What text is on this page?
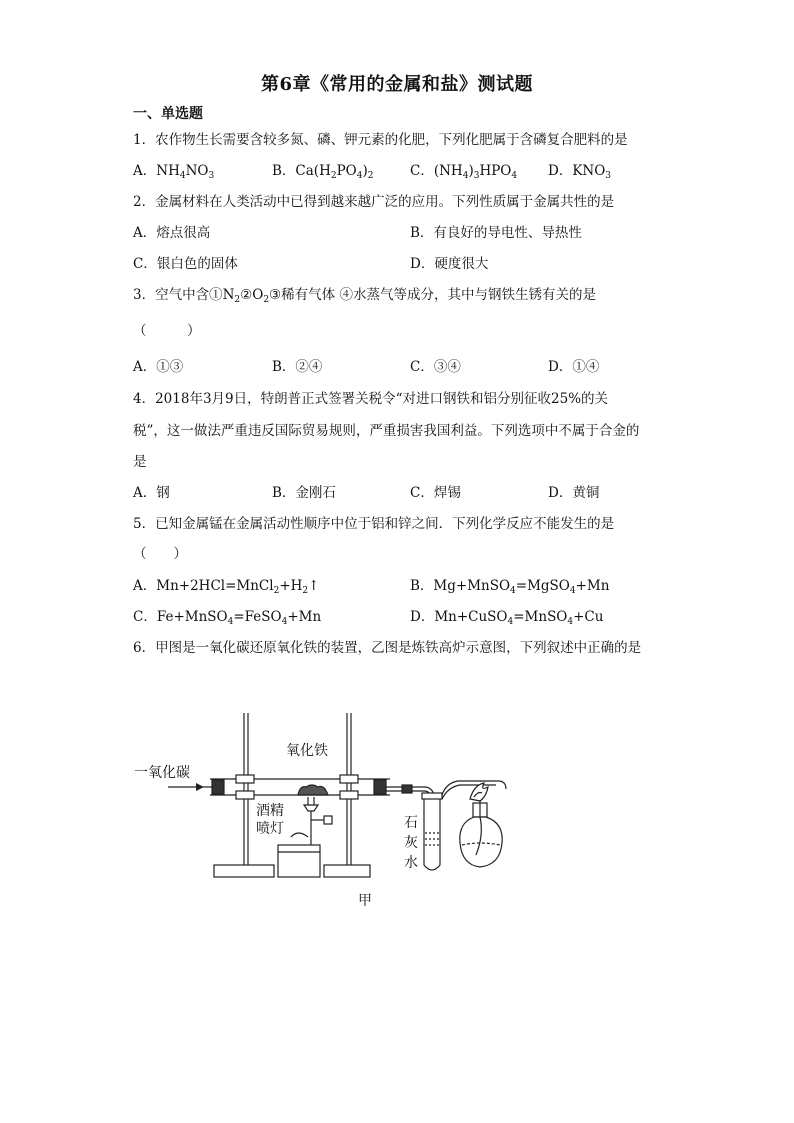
第6章《常用的金属和盐》测试题
一、单选题
1．农作物生长需要含较多氮、磷、钾元素的化肥，下列化肥属于含磷复合肥料的是
A．$NH_4NO_3$	B．$Ca(H_2PO_4)_2$	C．$(NH_4)_3HPO_4$ D．$KNO_3$
2．金属材料在人类活动中已得到越来越广泛的应用。下列性质属于金属共性的是
A．熔点很高	B．有良好的导电性、导热性
C．银白色的固体	D．硬度很大
3．空气中含$①N_2②O_2③$稀有气体 ④水蒸气等成分，其中与钢铁生锈有关的是
（　　　）
A．①③	B．②④	C．③④	D．①④
4．2018年3月9日，特朗普正式签署关税令“对进口钢铁和铝分别征收25%的关
税”，这一做法严重违反国际贸易规则，严重损害我国利益。下列选项中不属于合金的
是
A．钢	B．金刚石	C．焊锡	D．黄铜
5．已知金属锰在金属活动性顺序中位于铝和锌之间．下列化学反应不能发生的是
（　　）
A．$Mn+2HCl=MnCl_2+H_2↑$	B．Mg+MnSO$_4$=MgSO$_4$+Mn
C．Fe+MnSO$_4$=FeSO$_4$+Mn	D．Mn+CuSO$_4$=MnSO$_4$+Cu
6．甲图是一氧化碳还原氧化铁的装置，乙图是炼铁高炉示意图，下列叙述中正确的是
一氧化碳
氧化铁
酒精
喷灯	石
灰
水
甲
